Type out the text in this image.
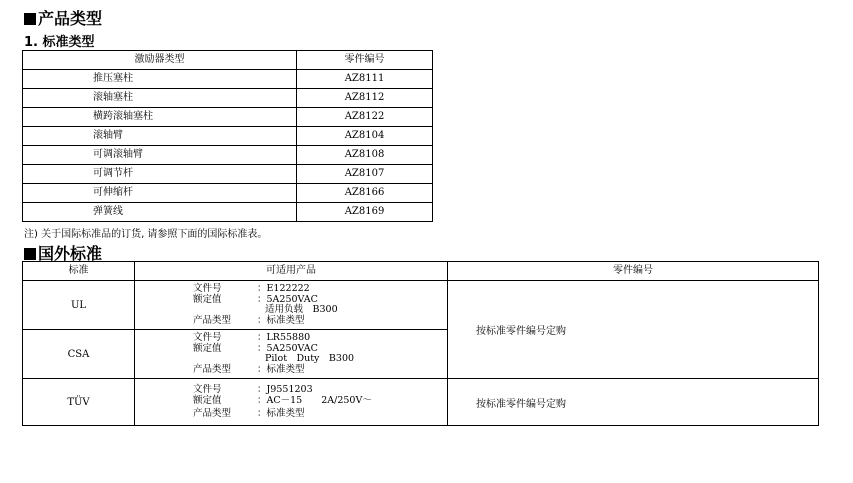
产品类型
1. 标准类型
激励器类型	零件编号
推压塞柱	AZ8111
滚轴塞柱	AZ8112
横跨滚轴塞柱	AZ8122
滚轴臂	AZ8104
可调滚轴臂	AZ8108
可调节杆	AZ8107
可伸缩杆	AZ8166
弹簧线	AZ8169
注) 关于国际标准品的订货, 请参照下面的国际标准表。
国外标准
标准	可适用产品	零件编号
UL	文件号 ：E122222
额定值 ：5A250VAC
适用负载　B300
产品类型 ：标准类型	按标准零件编号定购
CSA	文件号 ：LR55880
额定值 ：5A250VAC
Pilot　Duty　B300
产品类型 ：标准类型	

TÜV	文件号 ：J9551203
额定值 ：AC－15　　2A/250V～
产品类型 ：标准类型	按标准零件编号定购
